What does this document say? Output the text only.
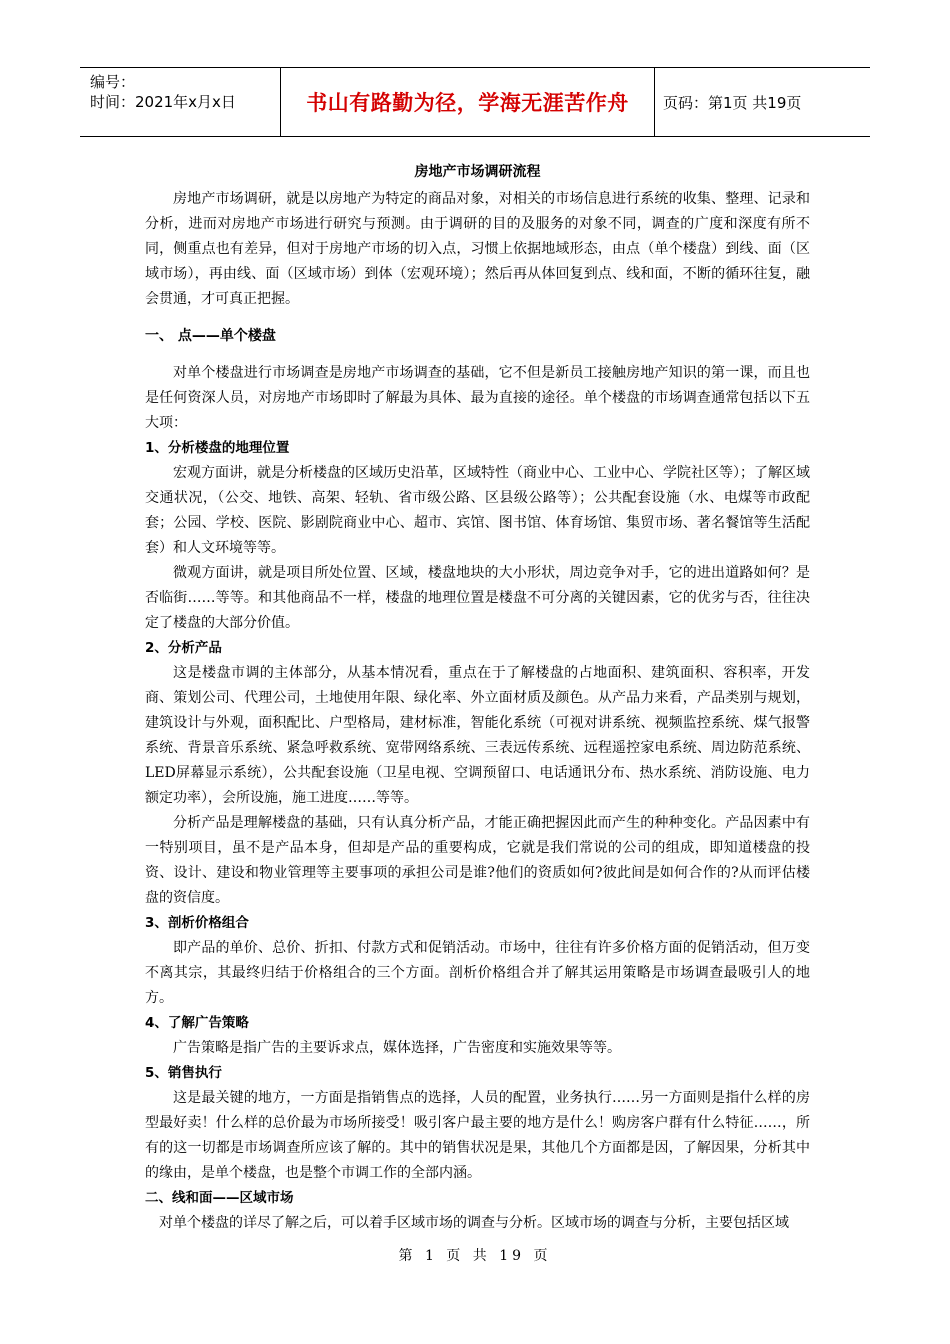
编号：
时间：2021年x月x日	书山有路勤为径，学海无涯苦作舟 页码：第1页 共19页

房地产市场调研流程

房地产市场调研，就是以房地产为特定的商品对象，对相关的市场信息进行系统的收集、整理、记录和分析，进而对房地产市场进行研究与预测。由于调研的目的及服务的对象不同，调查的广度和深度有所不同，侧重点也有差异，但对于房地产市场的切入点，习惯上依据地域形态，由点（单个楼盘）到线、面（区域市场），再由线、面（区域市场）到体（宏观环境）；然后再从体回复到点、线和面，不断的循环往复，融会贯通，才可真正把握。

一、 点——单个楼盘

对单个楼盘进行市场调查是房地产市场调查的基础，它不但是新员工接触房地产知识的第一课，而且也是任何资深人员，对房地产市场即时了解最为具体、最为直接的途径。单个楼盘的市场调查通常包括以下五大项：

1、分析楼盘的地理位置

宏观方面讲，就是分析楼盘的区域历史沿革，区域特性（商业中心、工业中心、学院社区等）；了解区域交通状况，（公交、地铁、高架、轻轨、省市级公路、区县级公路等）；公共配套设施（水、电煤等市政配套；公园、学校、医院、影剧院商业中心、超市、宾馆、图书馆、体育场馆、集贸市场、著名餐馆等生活配套）和人文环境等等。

微观方面讲，就是项目所处位置、区域，楼盘地块的大小形状，周边竞争对手，它的进出道路如何？是否临街……等等。和其他商品不一样，楼盘的地理位置是楼盘不可分离的关键因素，它的优劣与否，往往决定了楼盘的大部分价值。

2、分析产品

这是楼盘市调的主体部分，从基本情况看，重点在于了解楼盘的占地面积、建筑面积、容积率，开发商、策划公司、代理公司，土地使用年限、绿化率、外立面材质及颜色。从产品力来看，产品类别与规划，建筑设计与外观，面积配比、户型格局，建材标准，智能化系统（可视对讲系统、视频监控系统、煤气报警系统、背景音乐系统、紧急呼救系统、宽带网络系统、三表远传系统、远程遥控家电系统、周边防范系统、LED屏幕显示系统），公共配套设施（卫星电视、空调预留口、电话通讯分布、热水系统、消防设施、电力额定功率），会所设施，施工进度……等等。

分析产品是理解楼盘的基础，只有认真分析产品，才能正确把握因此而产生的种种变化。产品因素中有一特别项目，虽不是产品本身，但却是产品的重要构成，它就是我们常说的公司的组成，即知道楼盘的投资、设计、建设和物业管理等主要事项的承担公司是谁?他们的资质如何?彼此间是如何合作的?从而评估楼盘的资信度。

3、剖析价格组合

即产品的单价、总价、折扣、付款方式和促销活动。市场中，往往有许多价格方面的促销活动，但万变不离其宗，其最终归结于价格组合的三个方面。剖析价格组合并了解其运用策略是市场调查最吸引人的地方。

4、了解广告策略

广告策略是指广告的主要诉求点，媒体选择，广告密度和实施效果等等。

5、销售执行

这是最关键的地方，一方面是指销售点的选择，人员的配置，业务执行……另一方面则是指什么样的房型最好卖！什么样的总价最为市场所接受！吸引客户最主要的地方是什么！购房客户群有什么特征……，所有的这一切都是市场调查所应该了解的。其中的销售状况是果，其他几个方面都是因，了解因果，分析其中的缘由，是单个楼盘，也是整个市调工作的全部内涵。

二、线和面——区域市场

对单个楼盘的详尽了解之后，可以着手区域市场的调查与分析。区域市场的调查与分析，主要包括区域

第 1 页 共 19 页
